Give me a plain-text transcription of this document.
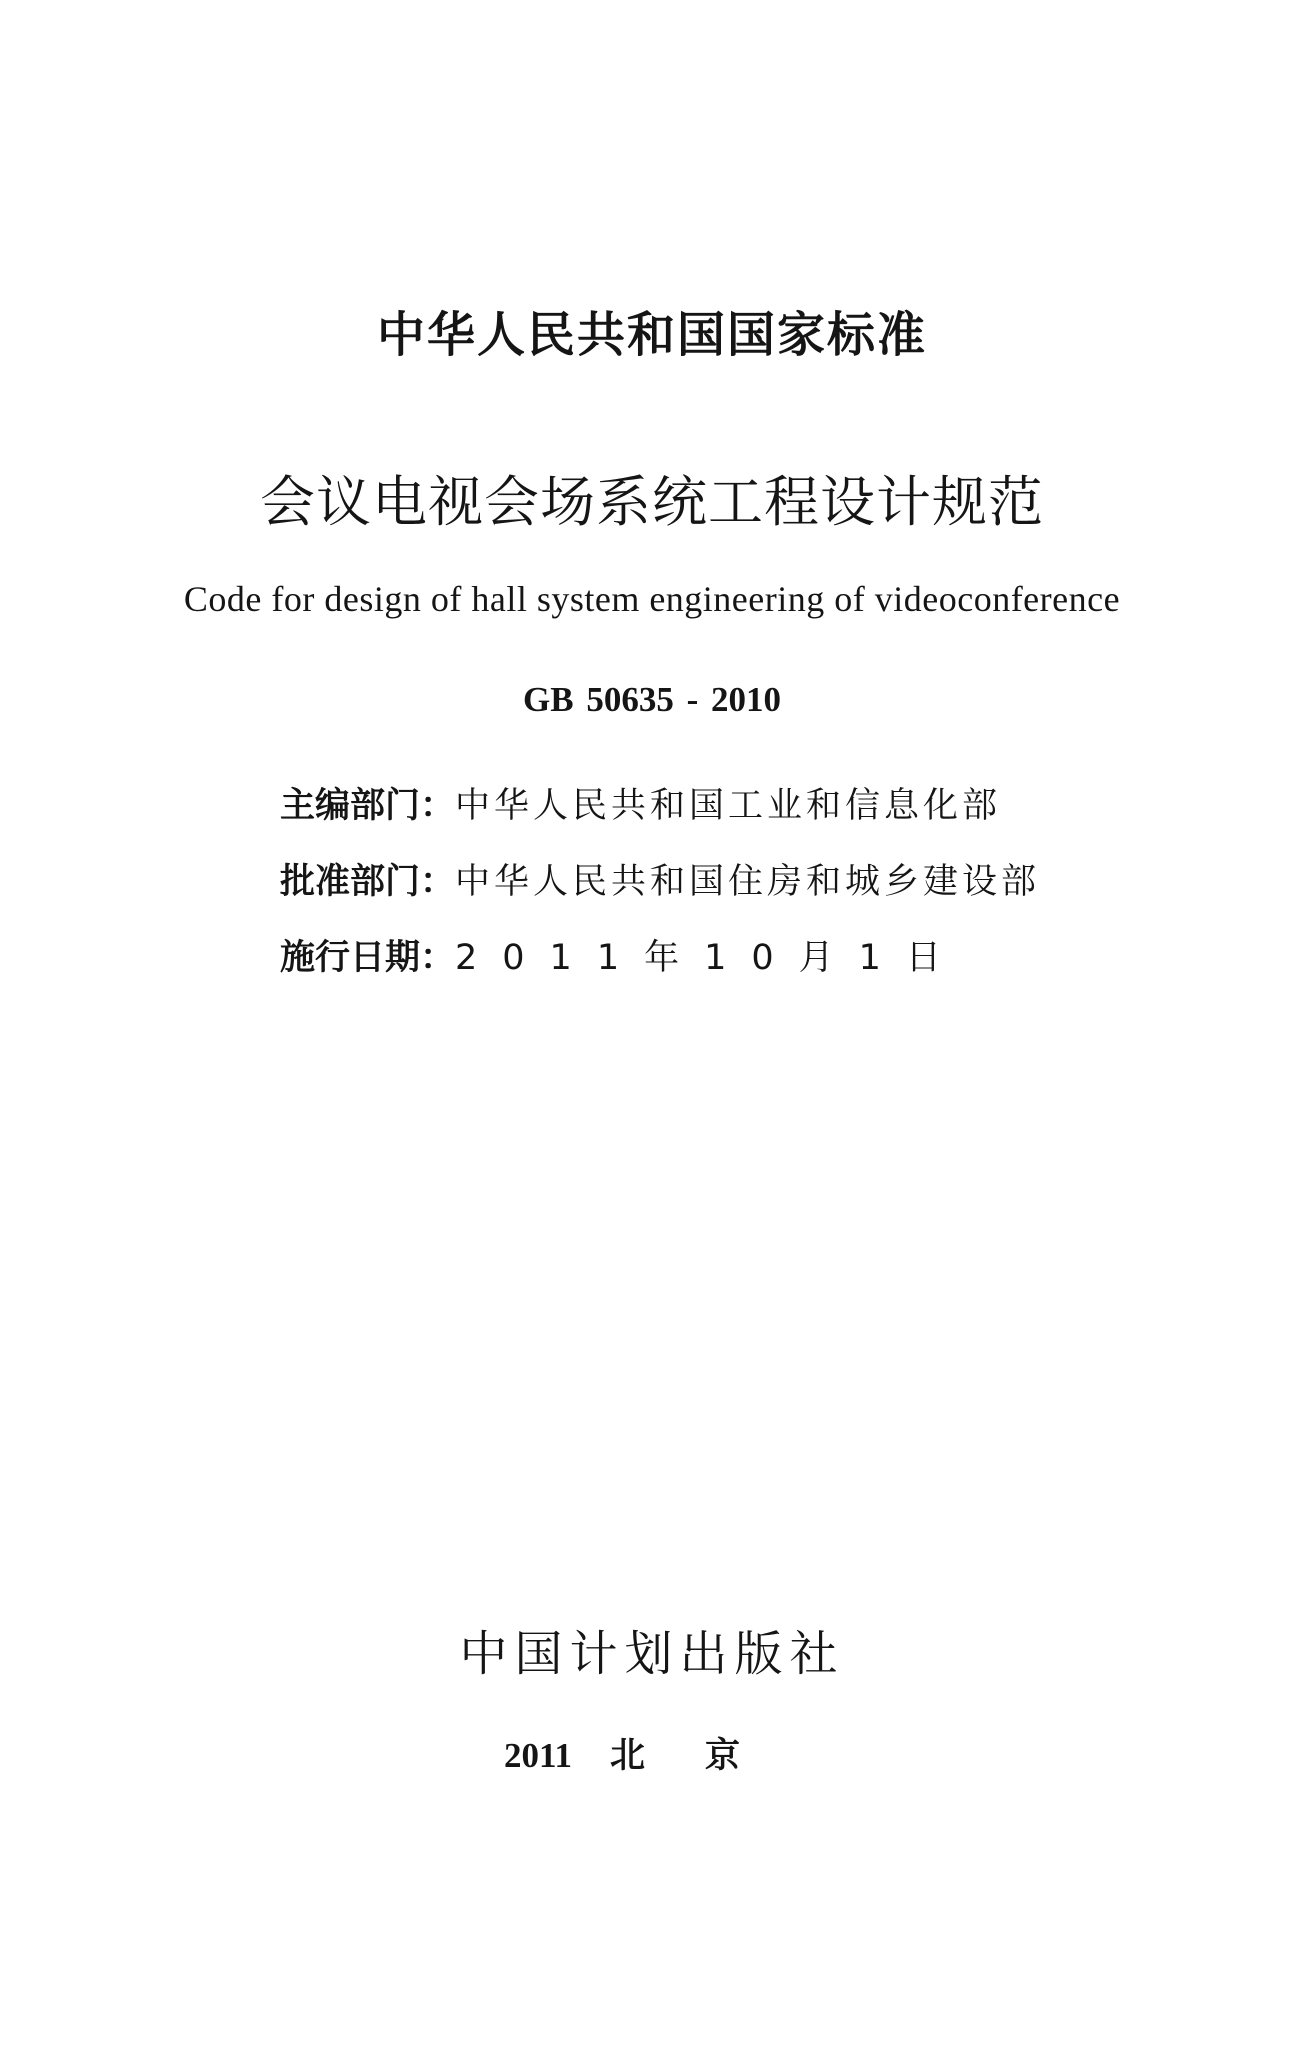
中华人民共和国国家标准
会议电视会场系统工程设计规范
Code for design of hall system engineering of videoconference
GB 50635 - 2010
主编部门：中华人民共和国工业和信息化部
批准部门：中华人民共和国住房和城乡建设部
施行日期：2011年10月1日
中国计划出版社
2011 北京
